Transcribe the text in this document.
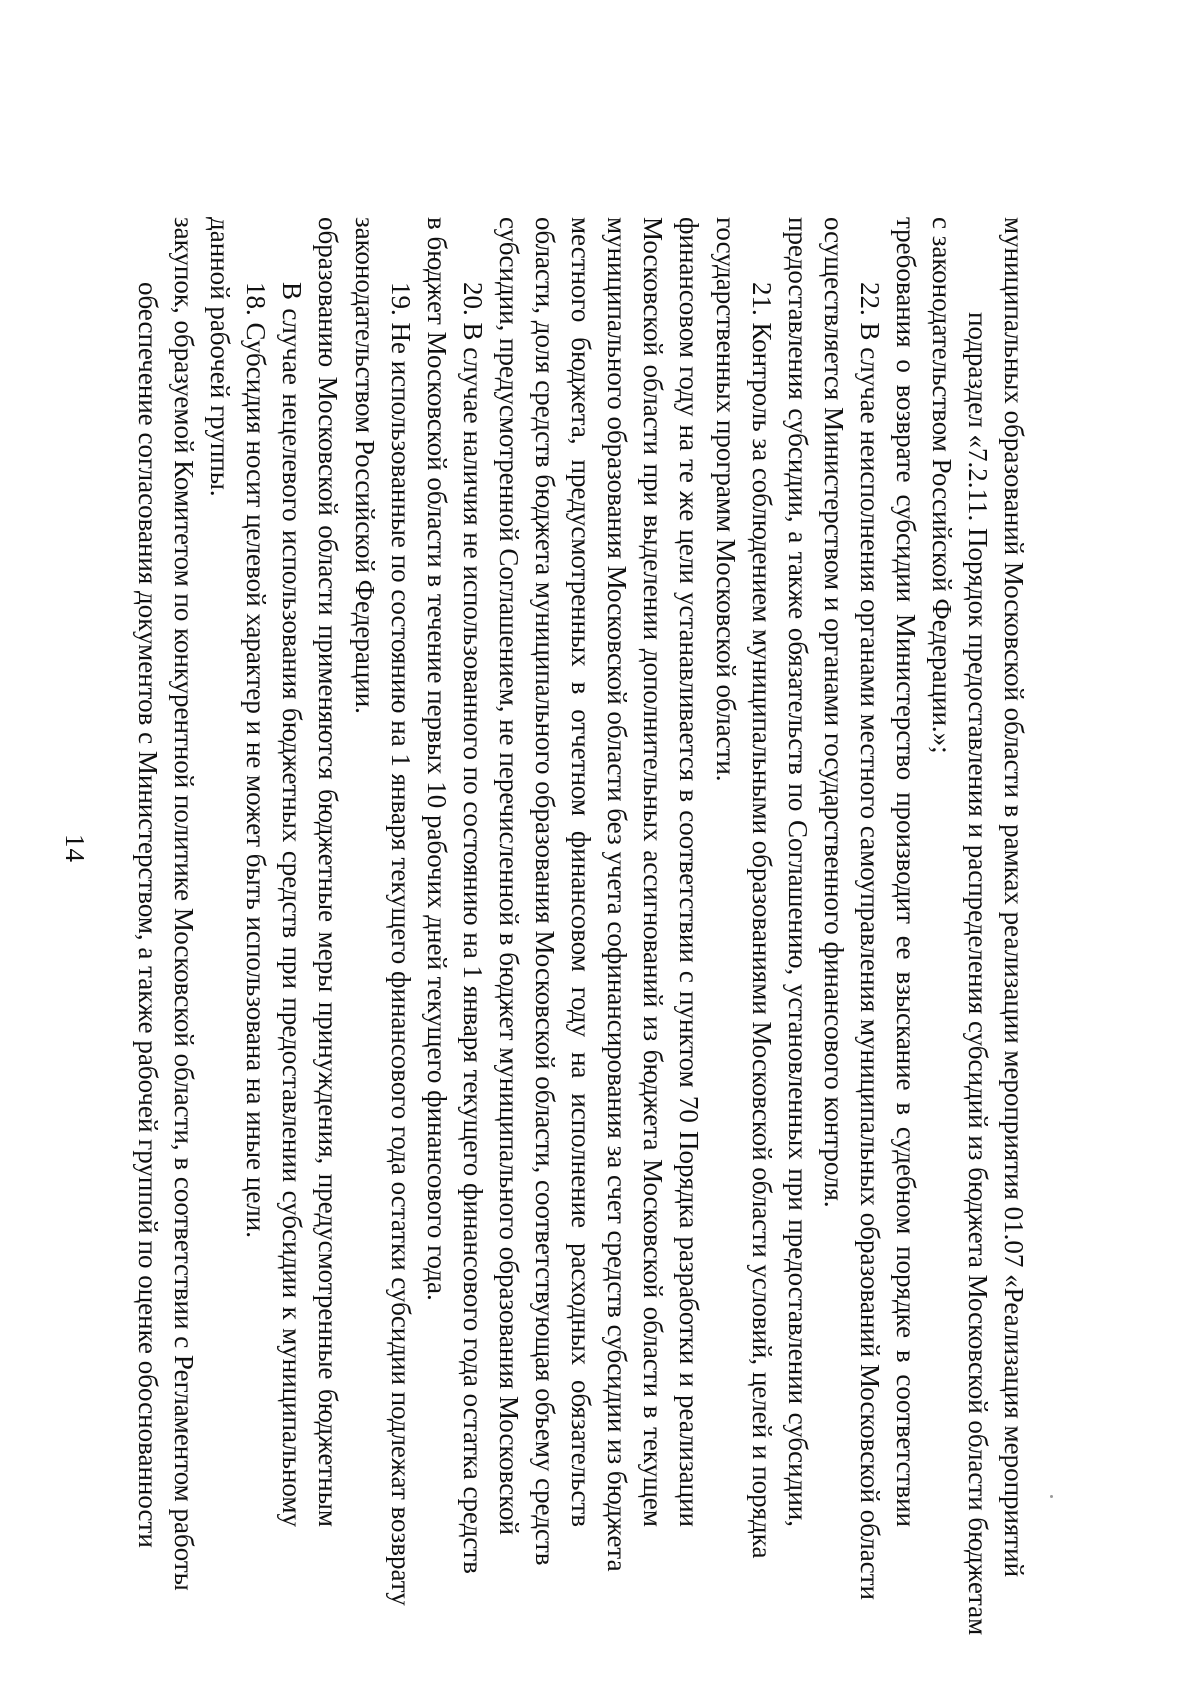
14 обеспечение согласования документов с Министерством, а также рабочей группой по оценке обоснованности закупок, образуемой Комитетом по конкурентной политике Московской области, в соответствии с Регламентом работы данной рабочей группы. 18. Субсидия носит целевой характер и не может быть использована на иные цели. В случае нецелевого использования бюджетных средств при предоставлении субсидии к муниципальному образованию Московской области применяются бюджетные меры принуждения, предусмотренные бюджетным законодательством Российской Федерации. 19. Не использованные по состоянию на 1 января текущего финансового года остатки субсидии подлежат возврату в бюджет Московской области в течение первых 10 рабочих дней текущего финансового года. 20. В случае наличия не использованного по состоянию на 1 января текущего финансового года остатка средств субсидии, предусмотренной Соглашением, не перечисленной в бюджет муниципального образования Московской области, доля средств бюджета муниципального образования Московской области, соответствующая объему средств местного бюджета, предусмотренных в отчетном финансовом году на исполнение расходных обязательств муниципального образования Московской области без учета софинансирования за счет средств субсидии из бюджета Московской области при выделении дополнительных ассигнований из бюджета Московской области в текущем финансовом году на те же цели устанавливается в соответствии с пунктом 70 Порядка разработки и реализации государственных программ Московской области. 21. Контроль за соблюдением муниципальными образованиями Московской области условий, целей и порядка предоставления субсидии, а также обязательств по Соглашению, установленных при предоставлении субсидии, осуществляется Министерством и органами государственного финансового контроля. 22. В случае неисполнения органами местного самоуправления муниципальных образований Московской области требования о возврате субсидии Министерство производит ее взыскание в судебном порядке в соответствии с законодательством Российской Федерации.»; подраздел «7.2.11. Порядок предоставления и распределения субсидий из бюджета Московской области бюджетам муниципальных образований Московской области в рамках реализации мероприятия 01.07 «Реализация мероприятий
